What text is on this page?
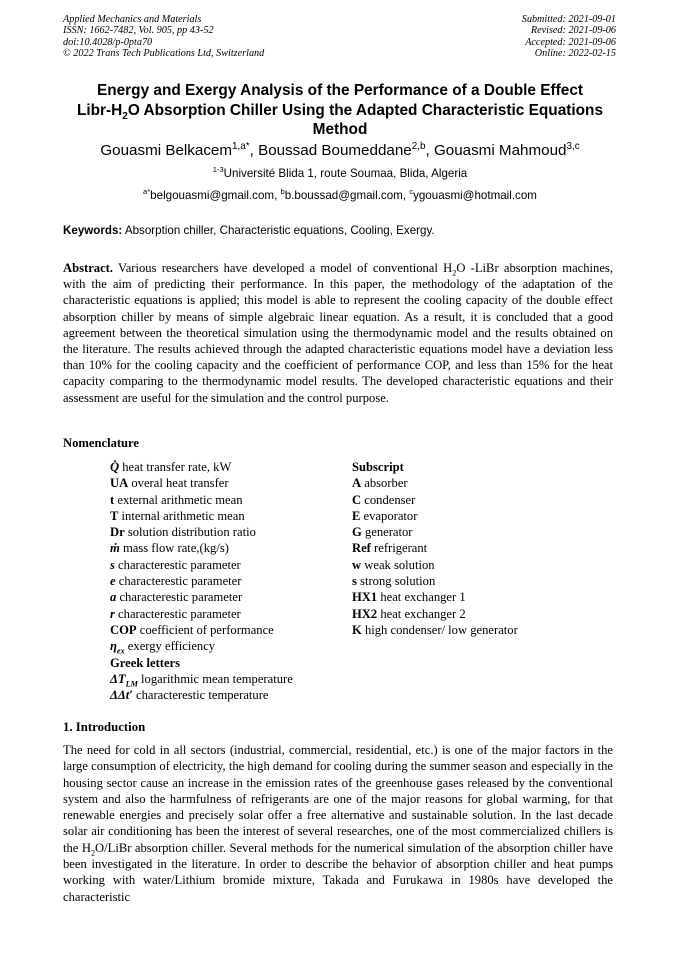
Applied Mechanics and Materials
ISSN: 1662-7482, Vol. 905, pp 43-52
doi:10.4028/p-0pta70
© 2022 Trans Tech Publications Ltd, Switzerland
Submitted: 2021-09-01
Revised: 2021-09-06
Accepted: 2021-09-06
Online: 2022-02-15
Energy and Exergy Analysis of the Performance of a Double Effect
Libr-$H_2O$ Absorption Chiller Using the Adapted Characteristic Equations
Method
Gouasmi Belkacem$^{1,a*}$, Boussad Boumeddane$^{2,b}$, Gouasmi Mahmoud$^{3,c}$
$^{1-3}$Université Blida 1, route Soumaa, Blida, Algeria
$^{a*}$belgouasmi@gmail.com, $^b$b.boussad@gmail.com, $^c$ygouasmi@hotmail.com
Keywords: Absorption chiller, Characteristic equations, Cooling, Exergy.
Abstract. Various researchers have developed a model of conventional $H_2O$ -LiBr absorption machines, with the aim of predicting their performance. In this paper, the methodology of the adaptation of the characteristic equations is applied; this model is able to represent the cooling capacity of the double effect absorption chiller by means of simple algebraic linear equation. As a result, it is concluded that a good agreement between the theoretical simulation using the thermodynamic model and the results obtained on the literature. The results achieved through the adapted characteristic equations model have a deviation less than 10% for the cooling capacity and the coefficient of performance COP, and less than 15% for the heat capacity comparing to the thermodynamic model results. The developed characteristic equations and their assessment are useful for the simulation and the control purpose.
Nomenclature
Q̇ heat transfer rate, kW
UA overal heat transfer
t external arithmetic mean
T internal arithmetic mean
Dr solution distribution ratio
ṁ mass flow rate,(kg/s)
s characterestic parameter
e characterestic parameter
a characterestic parameter
r characterestic parameter
COP coefficient of performance
$\eta_{ex}$ exergy efficiency
Greek letters
$\Delta T_{LM}$ logarithmic mean temperature
ΔΔt′ characterestic temperature
Subscript
A absorber
C condenser
E evaporator
G generator
Ref refrigerant
w weak solution
s strong solution
HX1 heat exchanger 1
HX2 heat exchanger 2
K high condenser/ low generator
1. Introduction
The need for cold in all sectors (industrial, commercial, residential, etc.) is one of the major factors in the large consumption of electricity, the high demand for cooling during the summer season and especially in the housing sector cause an increase in the emission rates of the greenhouse gases released by the conventional system and also the harmfulness of refrigerants are one of the major reasons for global warming, for that renewable energies and precisely solar offer a free alternative and sustainable solution. In the last decade solar air conditioning has been the interest of several researches, one of the most commercialized chillers is the $H_2O$/LiBr absorption chiller. Several methods for the numerical simulation of the absorption chiller have been investigated in the literature. In order to describe the behavior of absorption chiller and heat pumps working with water/Lithium bromide mixture, Takada and Furukawa in 1980s have developed the characteristic
